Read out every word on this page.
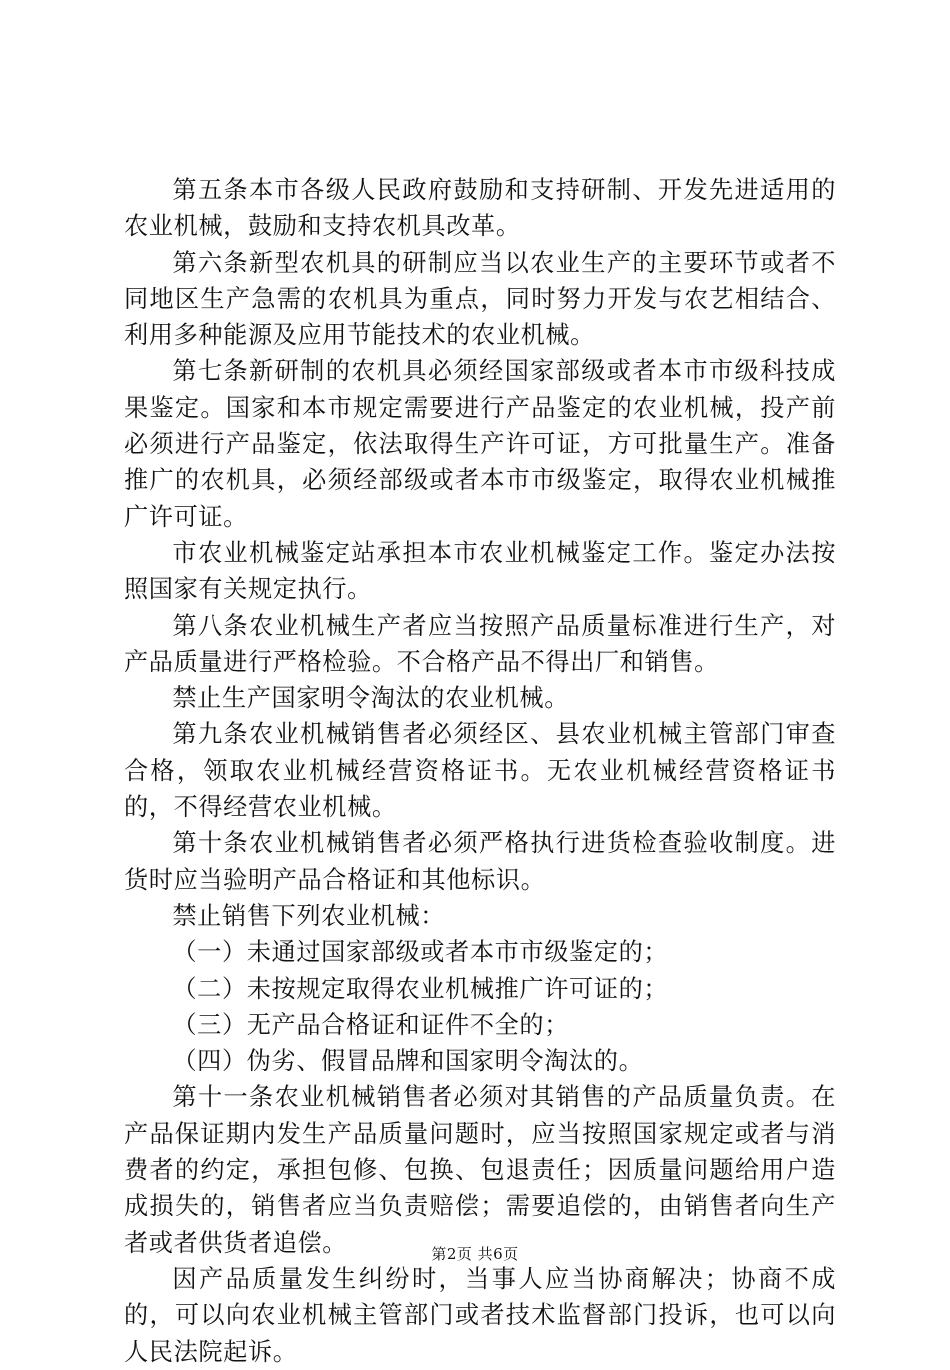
第五条本市各级人民政府鼓励和支持研制、开发先进适用的农业机械，鼓励和支持农机具改革。

第六条新型农机具的研制应当以农业生产的主要环节或者不同地区生产急需的农机具为重点，同时努力开发与农艺相结合、利用多种能源及应用节能技术的农业机械。

第七条新研制的农机具必须经国家部级或者本市市级科技成果鉴定。国家和本市规定需要进行产品鉴定的农业机械，投产前必须进行产品鉴定，依法取得生产许可证，方可批量生产。准备推广的农机具，必须经部级或者本市市级鉴定，取得农业机械推广许可证。

市农业机械鉴定站承担本市农业机械鉴定工作。鉴定办法按照国家有关规定执行。

第八条农业机械生产者应当按照产品质量标准进行生产，对产品质量进行严格检验。不合格产品不得出厂和销售。

禁止生产国家明令淘汰的农业机械。

第九条农业机械销售者必须经区、县农业机械主管部门审查合格，领取农业机械经营资格证书。无农业机械经营资格证书的，不得经营农业机械。

第十条农业机械销售者必须严格执行进货检查验收制度。进货时应当验明产品合格证和其他标识。

禁止销售下列农业机械：

（一）未通过国家部级或者本市市级鉴定的；

（二）未按规定取得农业机械推广许可证的；

（三）无产品合格证和证件不全的；

（四）伪劣、假冒品牌和国家明令淘汰的。

第十一条农业机械销售者必须对其销售的产品质量负责。在产品保证期内发生产品质量问题时，应当按照国家规定或者与消费者的约定，承担包修、包换、包退责任；因质量问题给用户造成损失的，销售者应当负责赔偿；需要追偿的，由销售者向生产者或者供货者追偿。

因产品质量发生纠纷时，当事人应当协商解决；协商不成的，可以向农业机械主管部门或者技术监督部门投诉，也可以向人民法院起诉。

第2页 共6页
